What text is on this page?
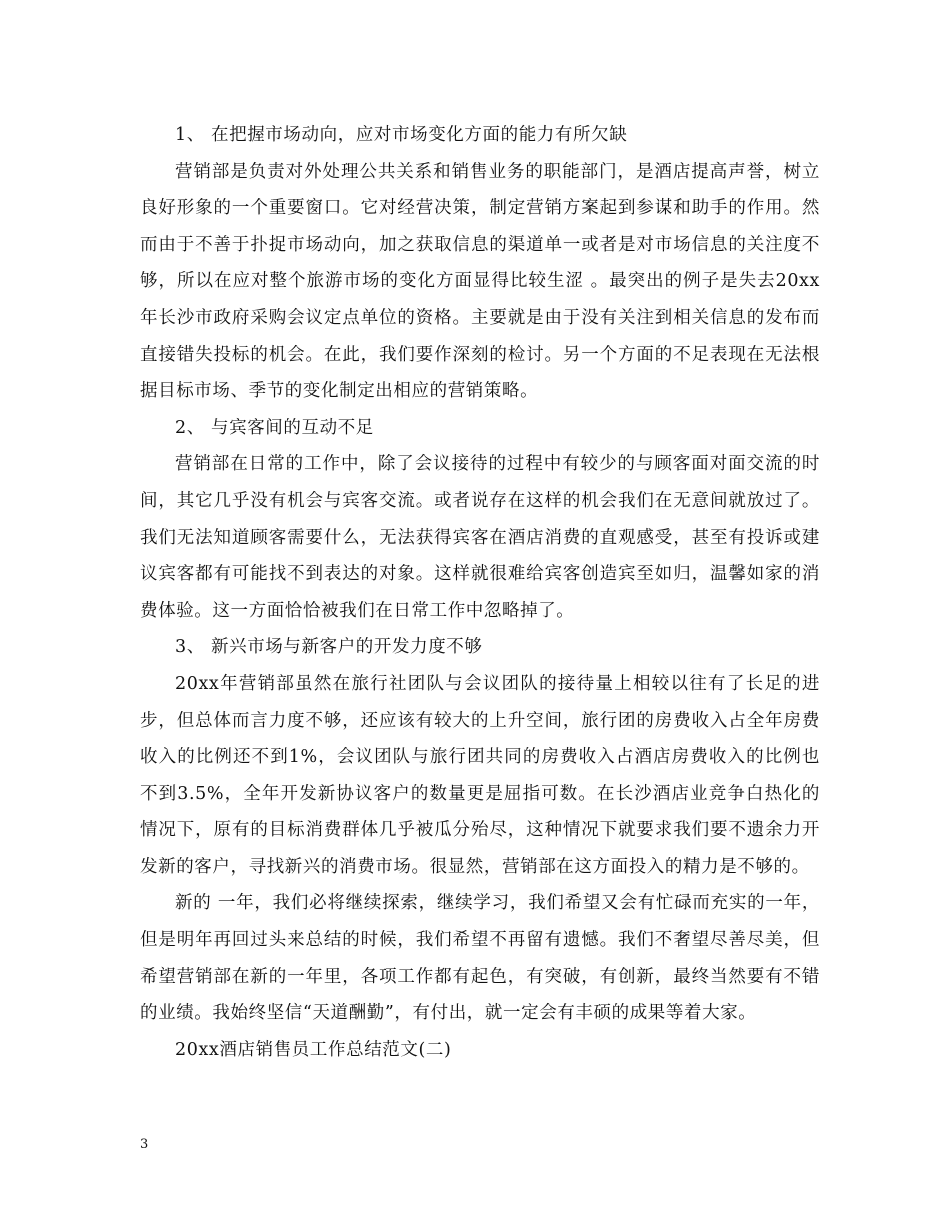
1、 在把握市场动向，应对市场变化方面的能力有所欠缺

营销部是负责对外处理公共关系和销售业务的职能部门，是酒店提高声誉，树立良好形象的一个重要窗口。它对经营决策，制定营销方案起到参谋和助手的作用。然而由于不善于扑捉市场动向，加之获取信息的渠道单一或者是对市场信息的关注度不够，所以在应对整个旅游市场的变化方面显得比较生涩 。最突出的例子是失去20xx年长沙市政府采购会议定点单位的资格。主要就是由于没有关注到相关信息的发布而直接错失投标的机会。在此，我们要作深刻的检讨。另一个方面的不足表现在无法根据目标市场、季节的变化制定出相应的营销策略。

2、 与宾客间的互动不足

营销部在日常的工作中，除了会议接待的过程中有较少的与顾客面对面交流的时间，其它几乎没有机会与宾客交流。或者说存在这样的机会我们在无意间就放过了。我们无法知道顾客需要什么，无法获得宾客在酒店消费的直观感受，甚至有投诉或建议宾客都有可能找不到表达的对象。这样就很难给宾客创造宾至如归，温馨如家的消费体验。这一方面恰恰被我们在日常工作中忽略掉了。

3、 新兴市场与新客户的开发力度不够

20xx年营销部虽然在旅行社团队与会议团队的接待量上相较以往有了长足的进步，但总体而言力度不够，还应该有较大的上升空间，旅行团的房费收入占全年房费收入的比例还不到1%，会议团队与旅行团共同的房费收入占酒店房费收入的比例也不到3.5%，全年开发新协议客户的数量更是屈指可数。在长沙酒店业竞争白热化的情况下，原有的目标消费群体几乎被瓜分殆尽，这种情况下就要求我们要不遗余力开发新的客户，寻找新兴的消费市场。很显然，营销部在这方面投入的精力是不够的。

新的 一年，我们必将继续探索，继续学习，我们希望又会有忙碌而充实的一年，但是明年再回过头来总结的时候，我们希望不再留有遗憾。我们不奢望尽善尽美，但希望营销部在新的一年里，各项工作都有起色，有突破，有创新，最终当然要有不错的业绩。我始终坚信“天道酬勤”，有付出，就一定会有丰硕的成果等着大家。

20xx酒店销售员工作总结范文(二)

3
